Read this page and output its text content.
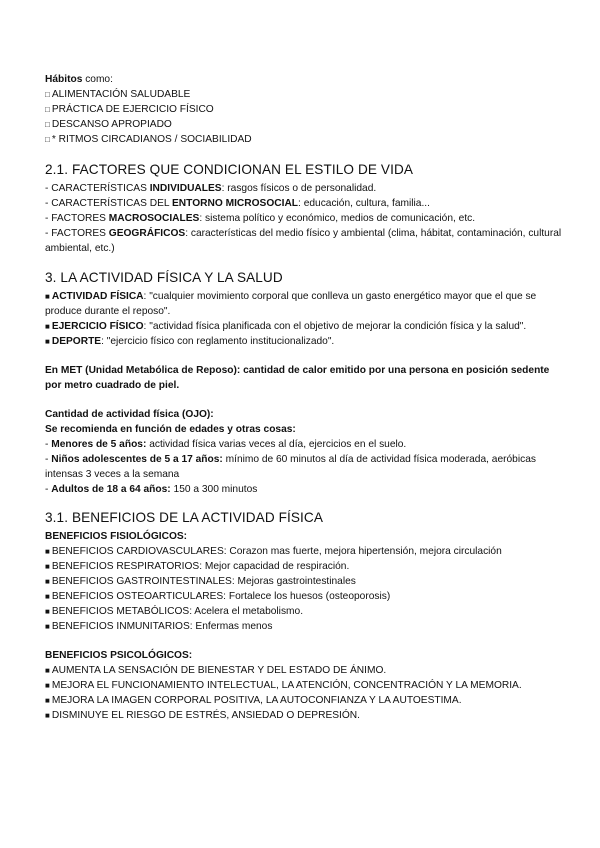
Hábitos como:
□ ALIMENTACIÓN SALUDABLE
□ PRÁCTICA DE EJERCICIO FÍSICO
□ DESCANSO APROPIADO
□ * RITMOS CIRCADIANOS / SOCIABILIDAD
2.1. FACTORES QUE CONDICIONAN EL ESTILO DE VIDA
- CARACTERÍSTICAS INDIVIDUALES: rasgos físicos o de personalidad.
- CARACTERÍSTICAS DEL ENTORNO MICROSOCIAL: educación, cultura, familia...
- FACTORES MACROSOCIALES: sistema político y económico, medios de comunicación, etc.
- FACTORES GEOGRÁFICOS: características del medio físico y ambiental (clima, hábitat, contaminación, cultural ambiental, etc.)
3. LA ACTIVIDAD FÍSICA Y LA SALUD
■ ACTIVIDAD FÍSICA: "cualquier movimiento corporal que conlleva un gasto energético mayor que el que se produce durante el reposo".
■ EJERCICIO FÍSICO: "actividad física planificada con el objetivo de mejorar la condición física y la salud".
■ DEPORTE: "ejercicio físico con reglamento institucionalizado".
En MET (Unidad Metabólica de Reposo): cantidad de calor emitido por una persona en posición sedente por metro cuadrado de piel.
Cantidad de actividad física (OJO):
Se recomienda en función de edades y otras cosas:
- Menores de 5 años: actividad física varias veces al día, ejercicios en el suelo.
- Niños adolescentes de 5 a 17 años: mínimo de 60 minutos al día de actividad física moderada, aeróbicas intensas 3 veces a la semana
- Adultos de 18 a 64 años: 150 a 300 minutos
3.1. BENEFICIOS DE LA ACTIVIDAD FÍSICA
BENEFICIOS FISIOLÓGICOS:
■ BENEFICIOS CARDIOVASCULARES: Corazon mas fuerte, mejora hipertensión, mejora circulación
■ BENEFICIOS RESPIRATORIOS: Mejor capacidad de respiración.
■ BENEFICIOS GASTROINTESTINALES: Mejoras gastrointestinales
■ BENEFICIOS OSTEOARTICULARES: Fortalece los huesos (osteoporosis)
■ BENEFICIOS METABÓLICOS: Acelera el metabolismo.
■ BENEFICIOS INMUNITARIOS: Enfermas menos
BENEFICIOS PSICOLÓGICOS:
■ AUMENTA LA SENSACIÓN DE BIENESTAR Y DEL ESTADO DE ÁNIMO.
■ MEJORA EL FUNCIONAMIENTO INTELECTUAL, LA ATENCIÓN, CONCENTRACIÓN Y LA MEMORIA.
■ MEJORA LA IMAGEN CORPORAL POSITIVA, LA AUTOCONFIANZA Y LA AUTOESTIMA.
■ DISMINUYE EL RIESGO DE ESTRÉS, ANSIEDAD O DEPRESIÓN.
